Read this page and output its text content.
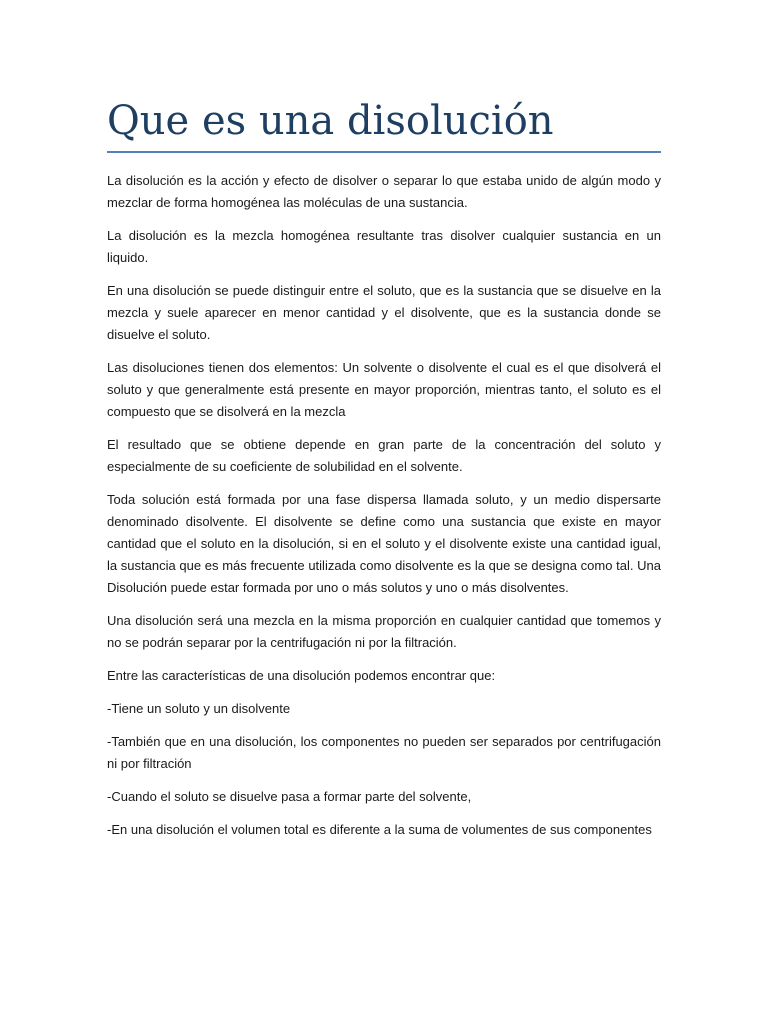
Que es una disolución

La disolución es la acción y efecto de disolver o separar lo que estaba unido de algún modo y mezclar de forma homogénea las moléculas de una sustancia.

La disolución es la mezcla homogénea resultante tras disolver cualquier sustancia en un liquido.

En una disolución se puede distinguir entre el soluto, que es la sustancia que se disuelve en la mezcla y suele aparecer en menor cantidad y el disolvente, que es la sustancia donde se disuelve el soluto.

Las disoluciones tienen dos elementos: Un solvente o disolvente el cual es el que disolverá el soluto y que generalmente está presente en mayor proporción, mientras tanto, el soluto es el compuesto que se disolverá en la mezcla

El resultado que se obtiene depende en gran parte de la concentración del soluto y especialmente de su coeficiente de solubilidad en el solvente.

Toda solución está formada por una fase dispersa llamada soluto, y un medio dispersarte denominado disolvente. El disolvente se define como una sustancia que existe en mayor cantidad que el soluto en la disolución, si en el soluto y el disolvente existe una cantidad igual, la sustancia que es más frecuente utilizada como disolvente es la que se designa como tal. Una Disolución puede estar formada por uno o más solutos y uno o más disolventes.

Una disolución será una mezcla en la misma proporción en cualquier cantidad que tomemos y no se podrán separar por la centrifugación ni por la filtración.

Entre las características de una disolución podemos encontrar que:

-Tiene un soluto y un disolvente

-También que en una disolución, los componentes no pueden ser separados por centrifugación ni por filtración

-Cuando el soluto se disuelve pasa a formar parte del solvente,

-En una disolución el volumen total es diferente a la suma de volumentes de sus componentes
